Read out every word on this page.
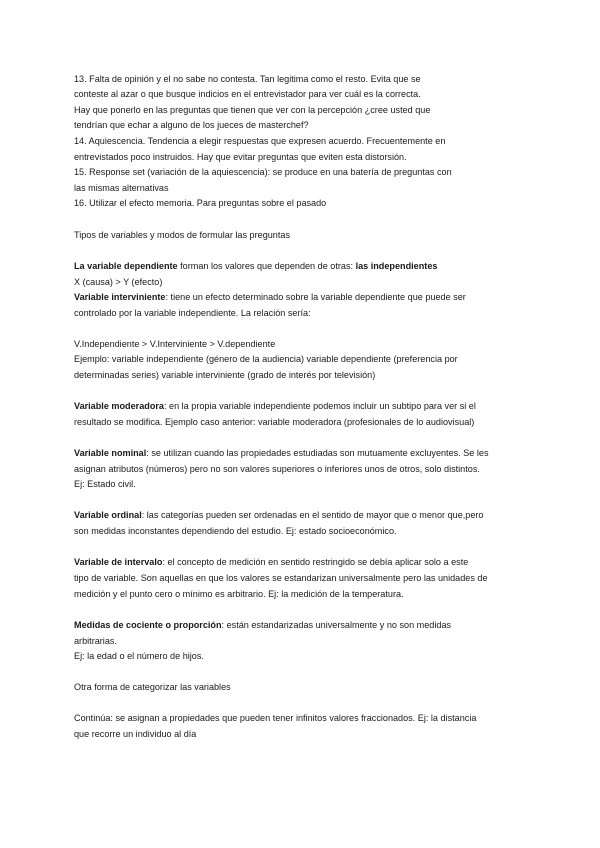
13. Falta de opinión y el no sabe no contesta. Tan legitima como el resto. Evita que se
conteste al azar o que busque indicios en el entrevistador para ver cuál es la correcta.
Hay que ponerlo en las preguntas que tienen que ver con la percepción ¿cree usted que
tendrían que echar a alguno de los jueces de masterchef?
14. Aquiescencia. Tendencia a elegir respuestas que expresen acuerdo. Frecuentemente en
entrevistados poco instruidos. Hay que evitar preguntas que eviten esta distorsión.
15. Response set (variación de la aquiescencia): se produce en una batería de preguntas con
las mismas alternativas
16. Utilizar el efecto memoria. Para preguntas sobre el pasado
Tipos de variables y modos de formular las preguntas
La variable dependiente forman los valores que dependen de otras: las independientes
X (causa) > Y (efecto)
Variable interviniente: tiene un efecto determinado sobre la variable dependiente que puede ser
controlado por la variable independiente. La relación sería:
V.Independiente > V.Interviniente > V.dependiente
Ejemplo: variable independiente (género de la audiencia) variable dependiente (preferencia por
determinadas series) variable interviniente (grado de interés por televisión)
Variable moderadora: en la propia variable independiente podemos incluir un subtipo para ver si el
resultado se modifica. Ejemplo caso anterior: variable moderadora (profesionales de lo audiovisual)
Variable nominal: se utilizan cuando las propiedades estudiadas son mutuamente excluyentes. Se les
asignan atributos (números) pero no son valores superiores o inferiores unos de otros, solo distintos.
Ej: Estado civil.
Variable ordinal: las categorías pueden ser ordenadas en el sentido de mayor que o menor que,pero
son medidas inconstantes dependiendo del estudio. Ej: estado socioeconómico.
Variable de intervalo: el concepto de medición en sentido restringido se debía aplicar solo a este
tipo de variable. Son aquellas en que los valores se estandarizan universalmente pero las unidades de
medición y el punto cero o mínimo es arbitrario. Ej: la medición de la temperatura.
Medidas de cociente o proporción: están estandarizadas universalmente y no son medidas
arbitrarias.
Ej: la edad o el número de hijos.
Otra forma de categorizar las variables
Continúa: se asignan a propiedades que pueden tener infinitos valores fraccionados. Ej: la distancia
que recorre un individuo al día
